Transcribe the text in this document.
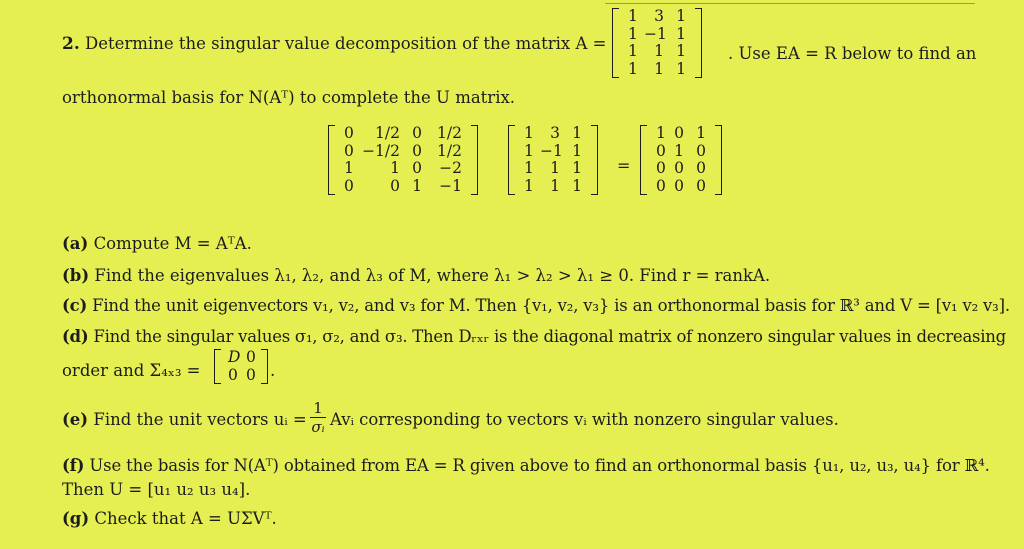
2. Determine the singular value decomposition of the matrix A =
1	3 1
1 −1 1
1	1 1
1	1 1
. Use EA = R below to find an
orthonormal basis for N(Aᵀ) to complete the U matrix.
0	1/2 0 1/2
0 −1/2 0 1/2
1	1 0	−2
0	0 1	−1
1	3 1
1 −1 1
1	1 1
1	1 1
=
1 0 1
0 1 0
0 0 0
0 0 0
(a) Compute M = AᵀA.
(b) Find the eigenvalues λ₁, λ₂, and λ₃ of M, where λ₁ > λ₂ > λ₁ ≥ 0. Find r = rankA.
(c) Find the unit eigenvectors v₁, v₂, and v₃ for M. Then {v₁, v₂, v₃} is an orthonormal basis for ℝ³ and V = [v₁ v₂ v₃].
(d) Find the singular values σ₁, σ₂, and σ₃. Then Dᵣₓᵣ is the diagonal matrix of nonzero singular values in decreasing
order and Σ₄ₓ₃ =
D 0
0 0 .
(e) Find the unit vectors uᵢ = $\frac{1}{\text{σᵢ}}$ Avᵢ corresponding to vectors vᵢ with nonzero singular values.
(f) Use the basis for N(Aᵀ) obtained from EA = R given above to find an orthonormal basis {u₁, u₂, u₃, u₄} for ℝ⁴.
Then U = [u₁ u₂ u₃ u₄].
(g) Check that A = UΣVᵀ.
